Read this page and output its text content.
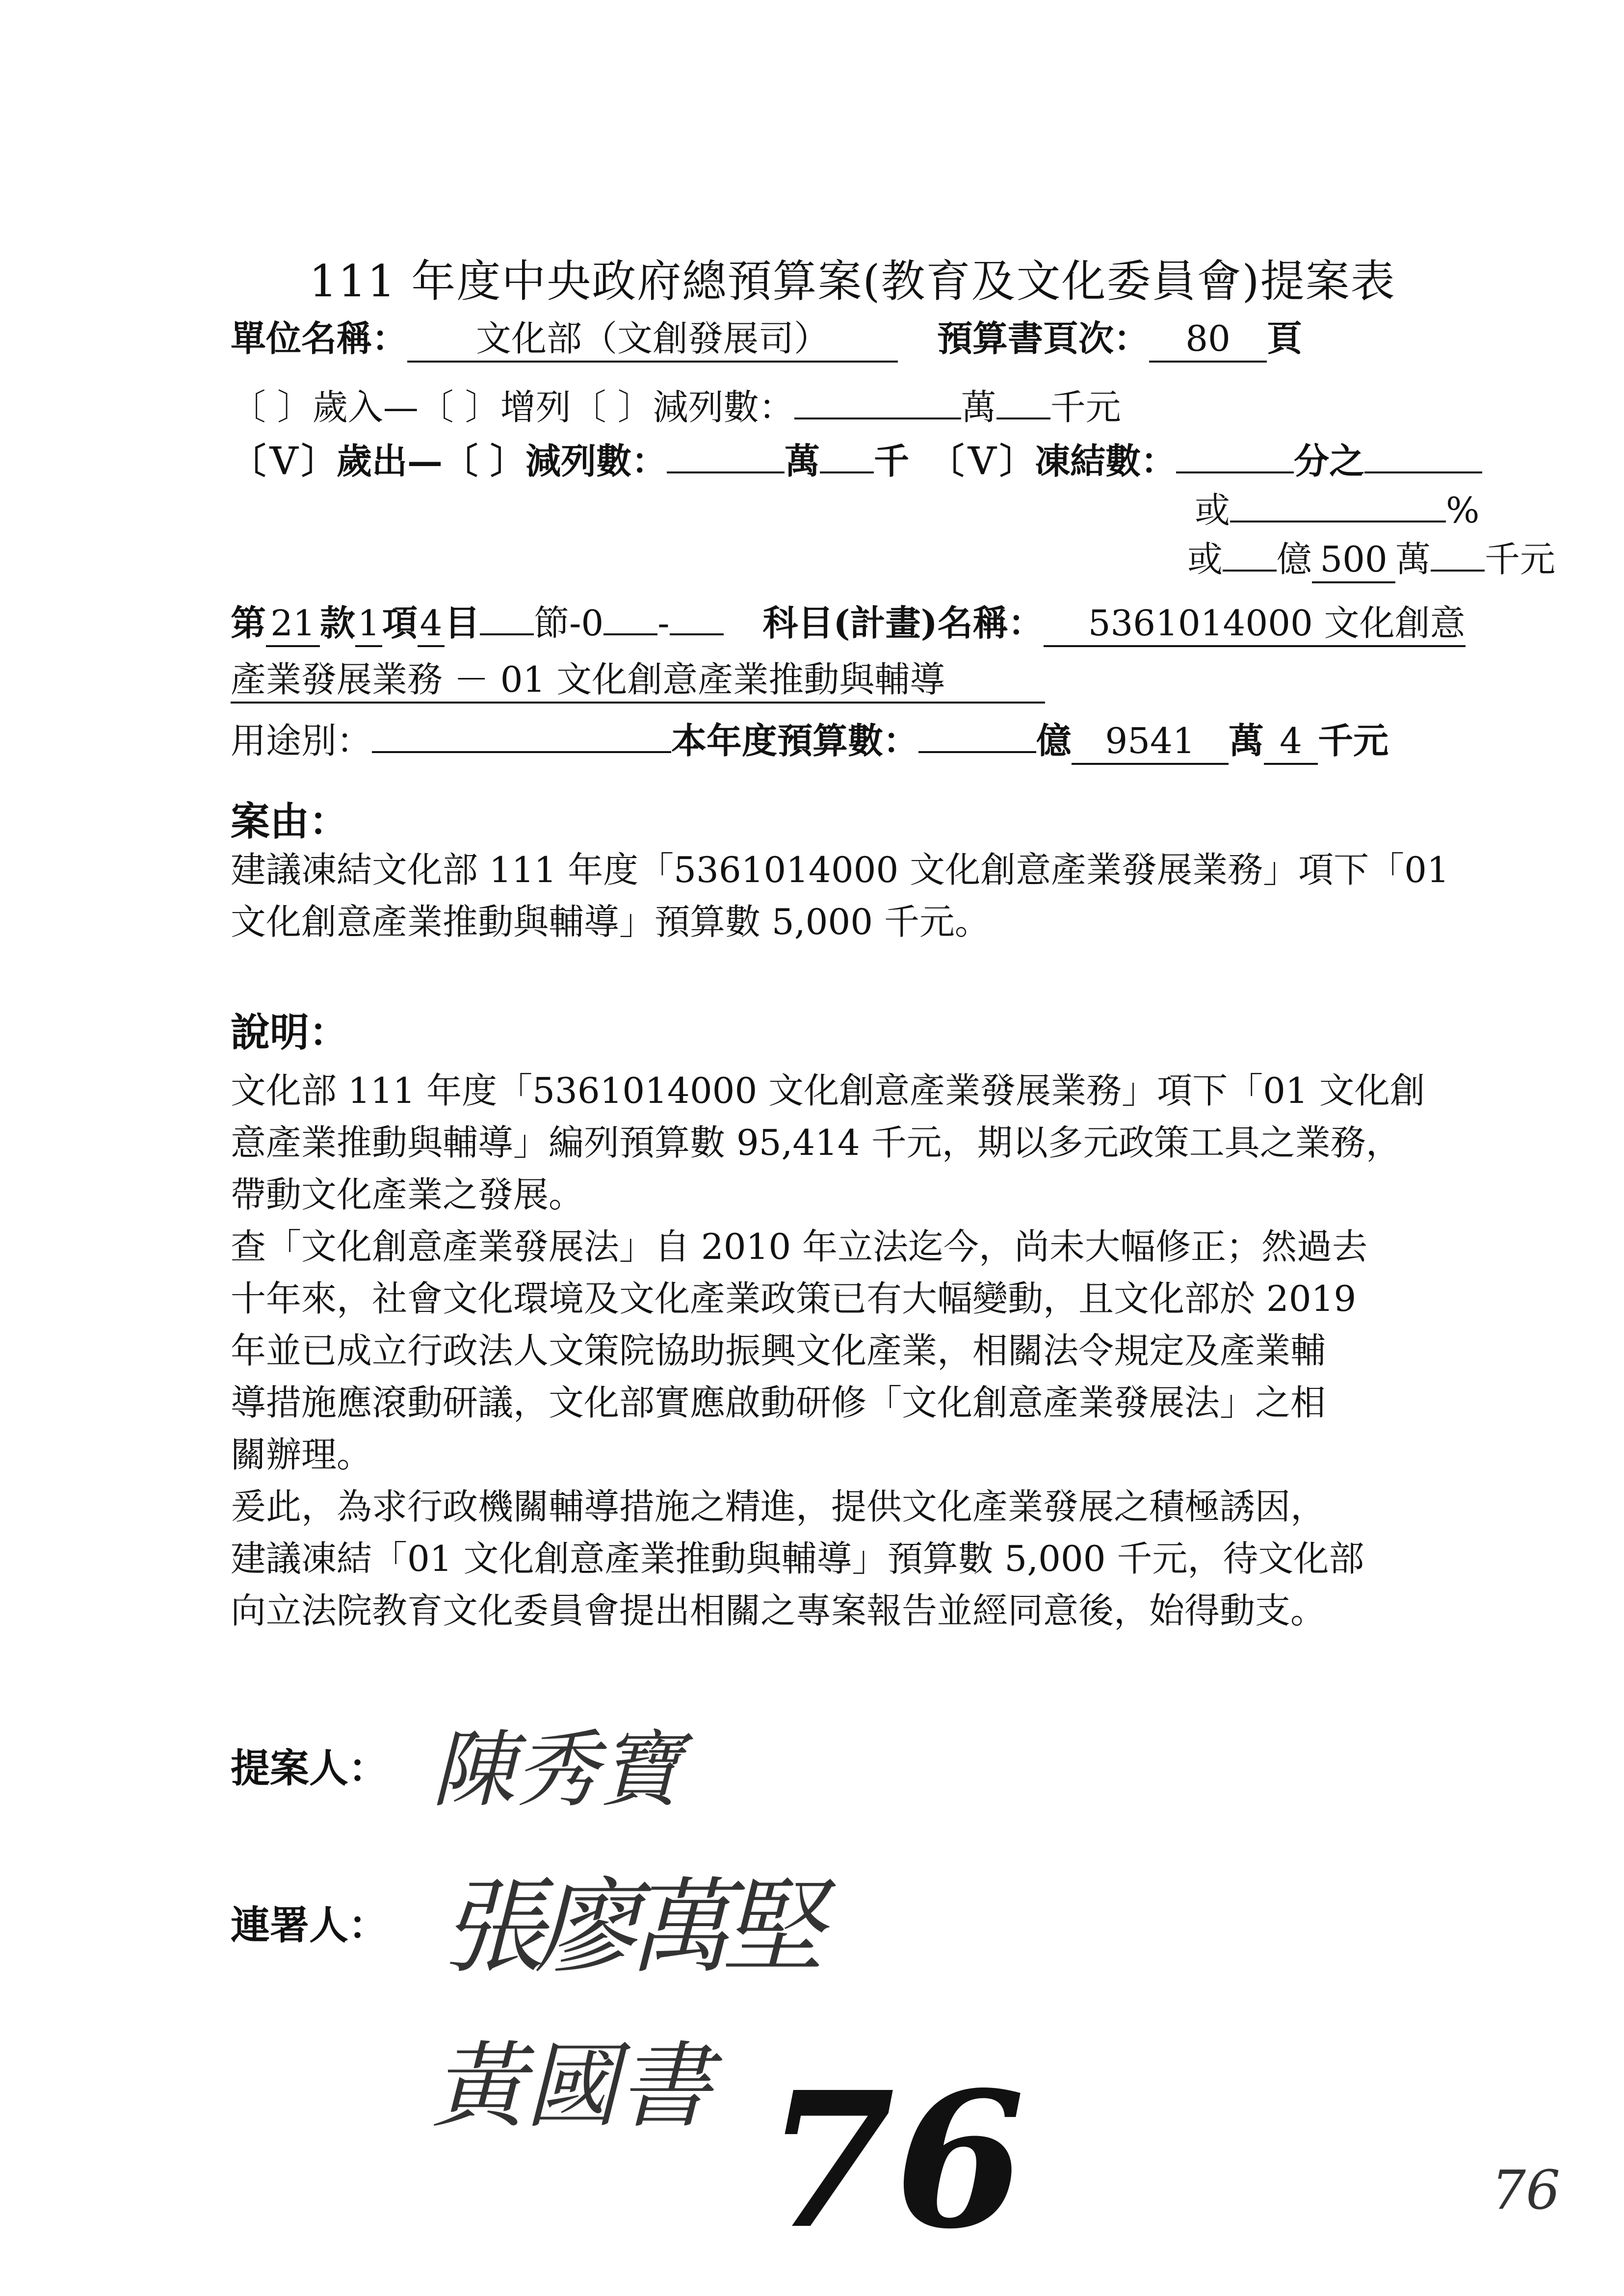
111 年度中央政府總預算案(教育及文化委員會)提案表
單位名稱：	文化部（文創發展司）	預算書頁次：	80	頁
〔 〕歲入—〔 〕增列〔 〕減列數：	萬 千元
〔Ｖ〕歲出—〔 〕減列數：	萬 千 〔Ｖ〕凍結數：	分之
或	%
或 億 500 萬 千元
第 21 款 1 項 4 目 節-0 -	科目(計畫)名稱：	5361014000 文化創意
產業發展業務 － 01 文化創意產業推動與輔導
用途別：	本年度預算數：	億 9541 萬 4 千元
案由：
建議凍結文化部 111 年度「5361014000 文化創意產業發展業務」項下「01
文化創意產業推動與輔導」預算數 5,000 千元。
說明：
文化部 111 年度「5361014000 文化創意產業發展業務」項下「01 文化創
意產業推動與輔導」編列預算數 95,414 千元，期以多元政策工具之業務，
帶動文化產業之發展。
查「文化創意產業發展法」自 2010 年立法迄今，尚未大幅修正；然過去
十年來，社會文化環境及文化產業政策已有大幅變動，且文化部於 2019
年並已成立行政法人文策院協助振興文化產業，相關法令規定及產業輔
導措施應滾動研議，文化部實應啟動研修「文化創意產業發展法」之相
關辦理。
爰此，為求行政機關輔導措施之精進，提供文化產業發展之積極誘因，
建議凍結「01 文化創意產業推動與輔導」預算數 5,000 千元，待文化部
向立法院教育文化委員會提出相關之專案報告並經同意後，始得動支。
提案人： 陳秀寶
連署人： 張廖萬堅
黃國書 76	76
